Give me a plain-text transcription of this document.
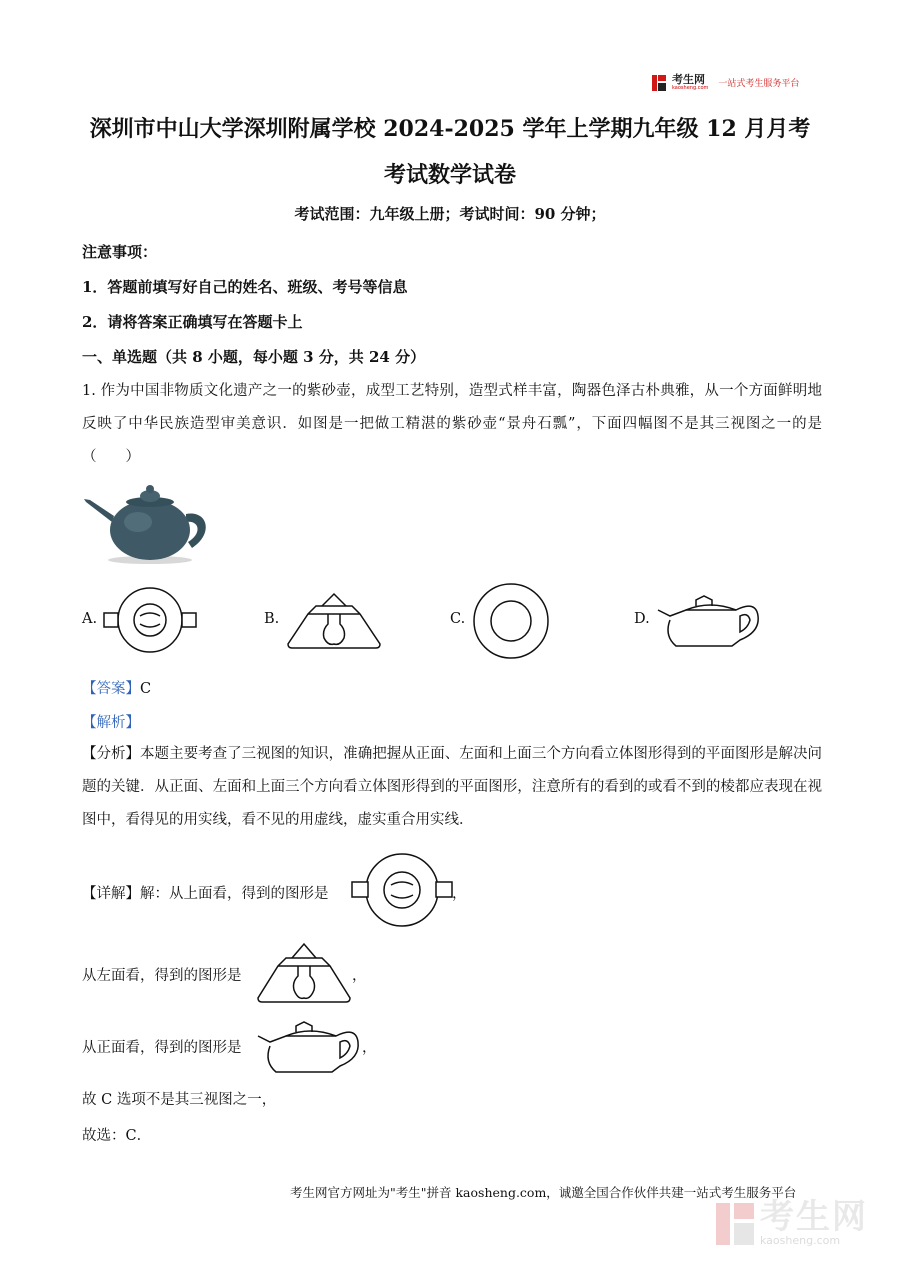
考生网
kaosheng.com 一站式考生服务平台
深圳市中山大学深圳附属学校 2024-2025 学年上学期九年级 12 月月考
考试数学试卷
考试范围：九年级上册；考试时间：90 分钟；
注意事项：
1．答题前填写好自己的姓名、班级、考号等信息
2．请将答案正确填写在答题卡上
一、单选题（共 8 小题，每小题 3 分，共 24 分）
1. 作为中国非物质文化遗产之一的紫砂壶，成型工艺特别，造型式样丰富，陶器色泽古朴典雅，从一个方面鲜明地反映了中华民族造型审美意识．如图是一把做工精湛的紫砂壶“景舟石瓢”，下面四幅图不是其三视图之一的是（　　）
A.	B.	C.	D.
【答案】C
【解析】
【分析】本题主要考查了三视图的知识，准确把握从正面、左面和上面三个方向看立体图形得到的平面图形是解决问题的关键．从正面、左面和上面三个方向看立体图形得到的平面图形，注意所有的看到的或看不到的棱都应表现在视图中，看得见的用实线，看不见的用虚线，虚实重合用实线．
【详解】解：从上面看，得到的图形是	，
从左面看，得到的图形是	，
从正面看，得到的图形是	，
故 C 选项不是其三视图之一，
故选：C．
考生网官方网址为"考生"拼音 kaosheng.com，诚邀全国合作伙伴共建一站式考生服务平台
考生网
kaosheng.com
